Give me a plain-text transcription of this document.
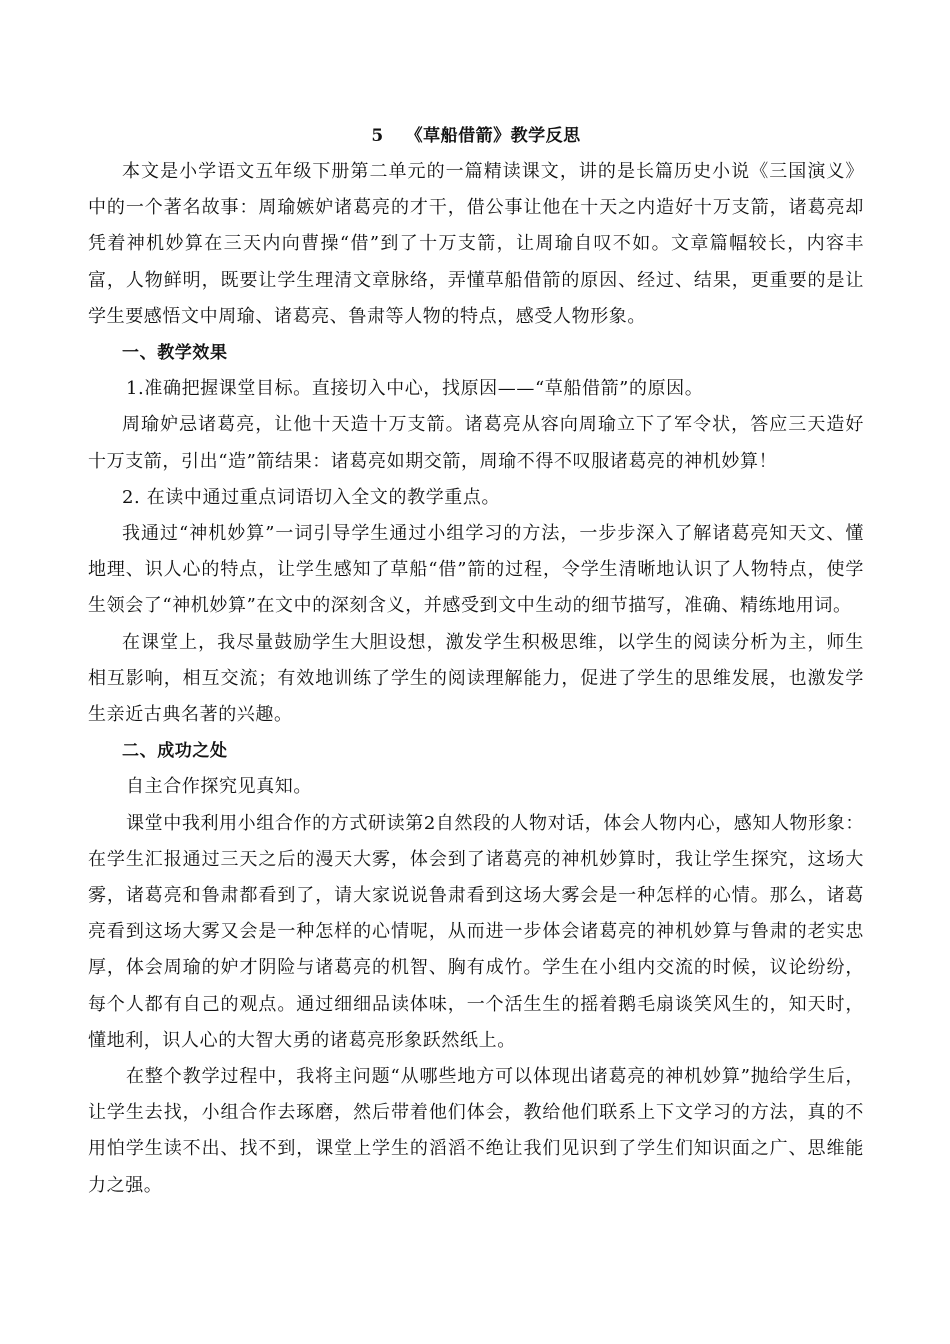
5 《草船借箭》教学反思

本文是小学语文五年级下册第二单元的一篇精读课文，讲的是长篇历史小说《三国演义》中的一个著名故事：周瑜嫉妒诸葛亮的才干，借公事让他在十天之内造好十万支箭，诸葛亮却凭着神机妙算在三天内向曹操“借”到了十万支箭，让周瑜自叹不如。文章篇幅较长，内容丰富，人物鲜明，既要让学生理清文章脉络，弄懂草船借箭的原因、经过、结果，更重要的是让学生要感悟文中周瑜、诸葛亮、鲁肃等人物的特点，感受人物形象。

一、教学效果

1.准确把握课堂目标。直接切入中心，找原因——“草船借箭”的原因。

周瑜妒忌诸葛亮，让他十天造十万支箭。诸葛亮从容向周瑜立下了军令状，答应三天造好十万支箭，引出“造”箭结果：诸葛亮如期交箭，周瑜不得不叹服诸葛亮的神机妙算！

2. 在读中通过重点词语切入全文的教学重点。

我通过“神机妙算”一词引导学生通过小组学习的方法，一步步深入了解诸葛亮知天文、懂地理、识人心的特点，让学生感知了草船“借”箭的过程，令学生清晰地认识了人物特点，使学生领会了“神机妙算”在文中的深刻含义，并感受到文中生动的细节描写，准确、精练地用词。

在课堂上，我尽量鼓励学生大胆设想，激发学生积极思维，以学生的阅读分析为主，师生相互影响，相互交流；有效地训练了学生的阅读理解能力，促进了学生的思维发展，也激发学生亲近古典名著的兴趣。

二、成功之处

自主合作探究见真知。

课堂中我利用小组合作的方式研读第2自然段的人物对话，体会人物内心，感知人物形象：在学生汇报通过三天之后的漫天大雾，体会到了诸葛亮的神机妙算时，我让学生探究，这场大雾，诸葛亮和鲁肃都看到了，请大家说说鲁肃看到这场大雾会是一种怎样的心情。那么，诸葛亮看到这场大雾又会是一种怎样的心情呢，从而进一步体会诸葛亮的神机妙算与鲁肃的老实忠厚，体会周瑜的妒才阴险与诸葛亮的机智、胸有成竹。学生在小组内交流的时候，议论纷纷，每个人都有自己的观点。通过细细品读体味，一个活生生的摇着鹅毛扇谈笑风生的，知天时，懂地利，识人心的大智大勇的诸葛亮形象跃然纸上。

在整个教学过程中，我将主问题“从哪些地方可以体现出诸葛亮的神机妙算”抛给学生后，让学生去找，小组合作去琢磨，然后带着他们体会，教给他们联系上下文学习的方法，真的不用怕学生读不出、找不到，课堂上学生的滔滔不绝让我们见识到了学生们知识面之广、思维能力之强。
